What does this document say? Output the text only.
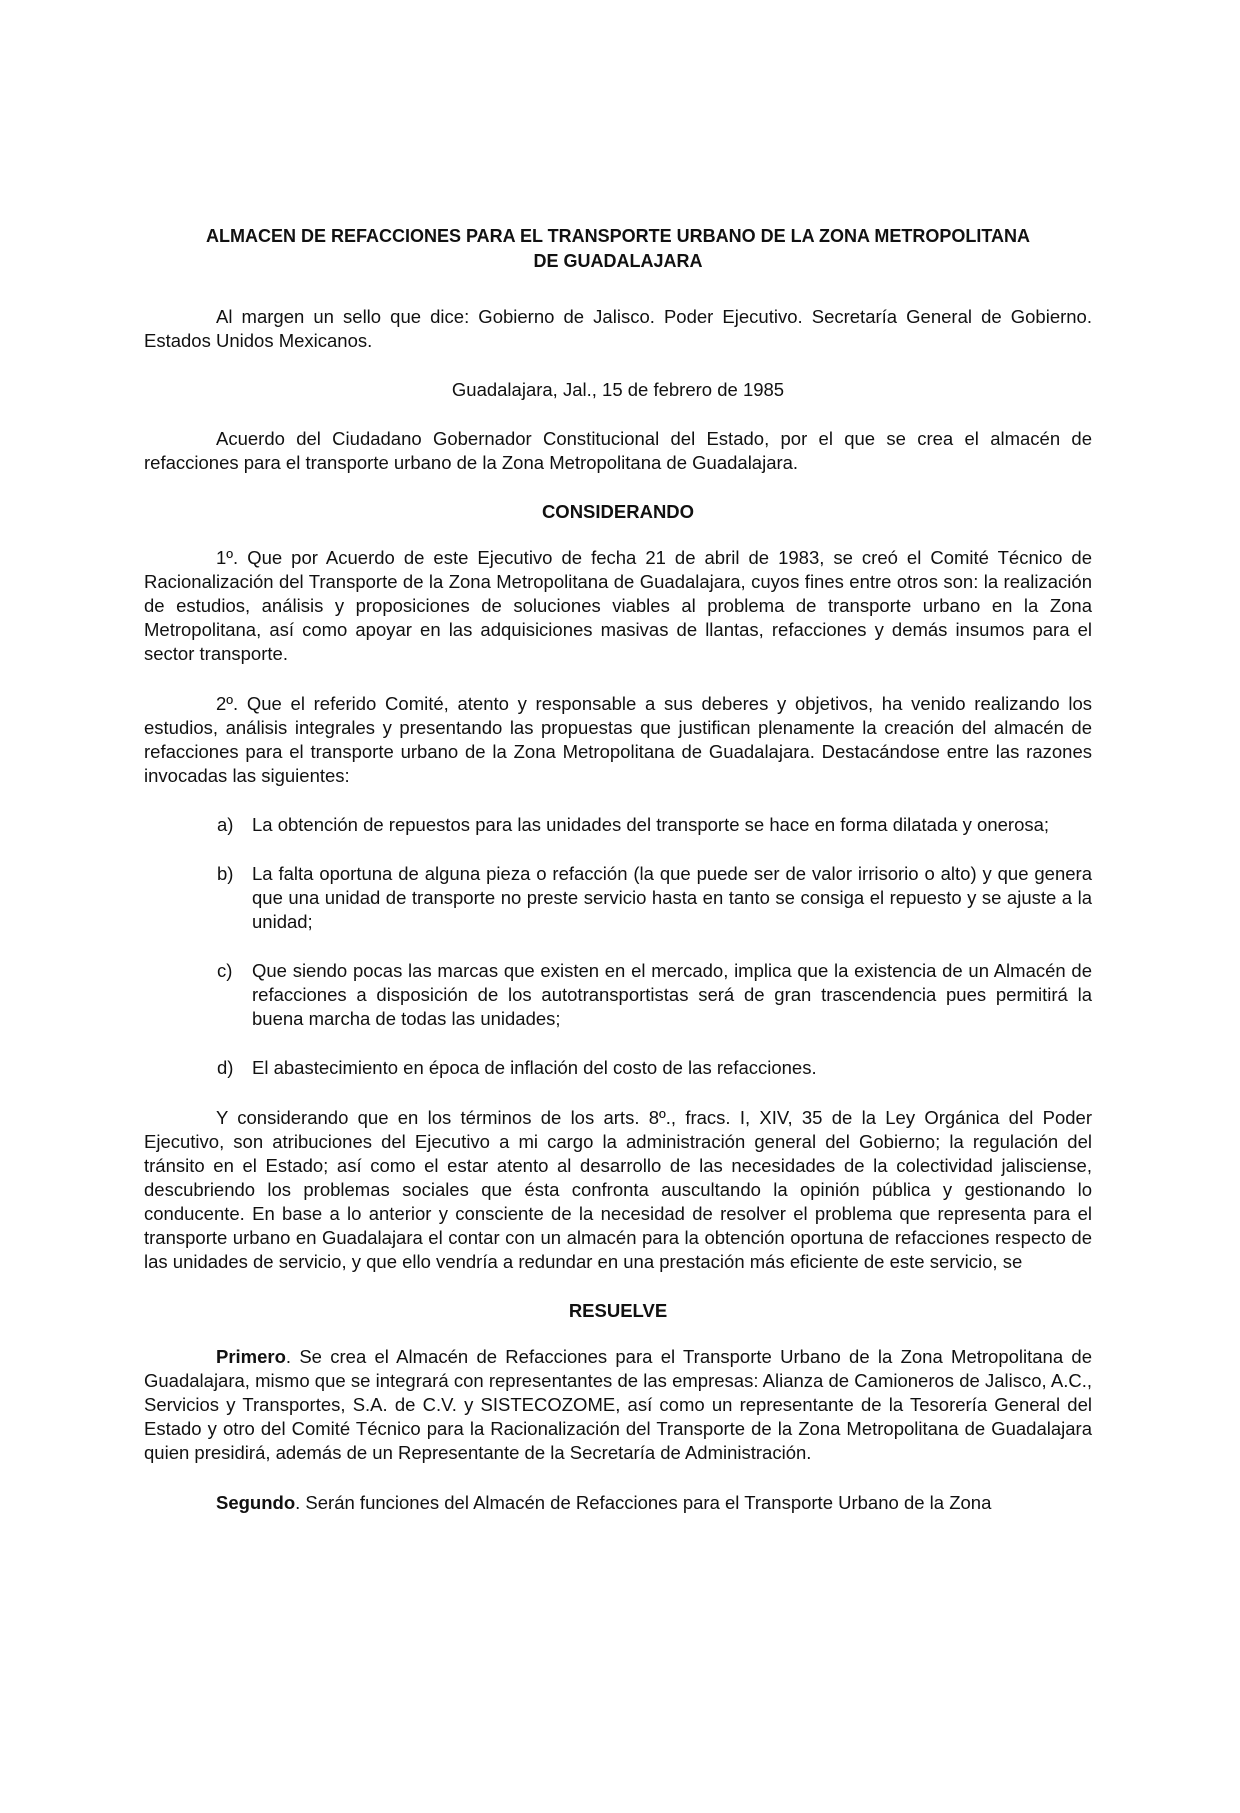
ALMACEN DE REFACCIONES PARA EL TRANSPORTE URBANO DE LA ZONA METROPOLITANA
DE GUADALAJARA

Al margen un sello que dice: Gobierno de Jalisco. Poder Ejecutivo. Secretaría General de Gobierno. Estados Unidos Mexicanos.

Guadalajara, Jal., 15 de febrero de 1985

Acuerdo del Ciudadano Gobernador Constitucional del Estado, por el que se crea el almacén de refacciones para el transporte urbano de la Zona Metropolitana de Guadalajara.

CONSIDERANDO

1º. Que por Acuerdo de este Ejecutivo de fecha 21 de abril de 1983, se creó el Comité Técnico de Racionalización del Transporte de la Zona Metropolitana de Guadalajara, cuyos fines entre otros son: la realización de estudios, análisis y proposiciones de soluciones viables al problema de transporte urbano en la Zona Metropolitana, así como apoyar en las adquisiciones masivas de llantas, refacciones y demás insumos para el sector transporte.

2º. Que el referido Comité, atento y responsable a sus deberes y objetivos, ha venido realizando los estudios, análisis integrales y presentando las propuestas que justifican plenamente la creación del almacén de refacciones para el transporte urbano de la Zona Metropolitana de Guadalajara. Destacándose entre las razones invocadas las siguientes:

a) La obtención de repuestos para las unidades del transporte se hace en forma dilatada y onerosa;
b) La falta oportuna de alguna pieza o refacción (la que puede ser de valor irrisorio o alto) y que genera que una unidad de transporte no preste servicio hasta en tanto se consiga el repuesto y se ajuste a la unidad;
c) Que siendo pocas las marcas que existen en el mercado, implica que la existencia de un Almacén de refacciones a disposición de los autotransportistas será de gran trascendencia pues permitirá la buena marcha de todas las unidades;
d) El abastecimiento en época de inflación del costo de las refacciones.

Y considerando que en los términos de los arts. 8º., fracs. I, XIV, 35 de la Ley Orgánica del Poder Ejecutivo, son atribuciones del Ejecutivo a mi cargo la administración general del Gobierno; la regulación del tránsito en el Estado; así como el estar atento al desarrollo de las necesidades de la colectividad jalisciense, descubriendo los problemas sociales que ésta confronta auscultando la opinión pública y gestionando lo conducente. En base a lo anterior y consciente de la necesidad de resolver el problema que representa para el transporte urbano en Guadalajara el contar con un almacén para la obtención oportuna de refacciones respecto de las unidades de servicio, y que ello vendría a redundar en una prestación más eficiente de este servicio, se

RESUELVE

Primero. Se crea el Almacén de Refacciones para el Transporte Urbano de la Zona Metropolitana de Guadalajara, mismo que se integrará con representantes de las empresas: Alianza de Camioneros de Jalisco, A.C., Servicios y Transportes, S.A. de C.V. y SISTECOZOME, así como un representante de la Tesorería General del Estado y otro del Comité Técnico para la Racionalización del Transporte de la Zona Metropolitana de Guadalajara quien presidirá, además de un Representante de la Secretaría de Administración.

Segundo. Serán funciones del Almacén de Refacciones para el Transporte Urbano de la Zona
